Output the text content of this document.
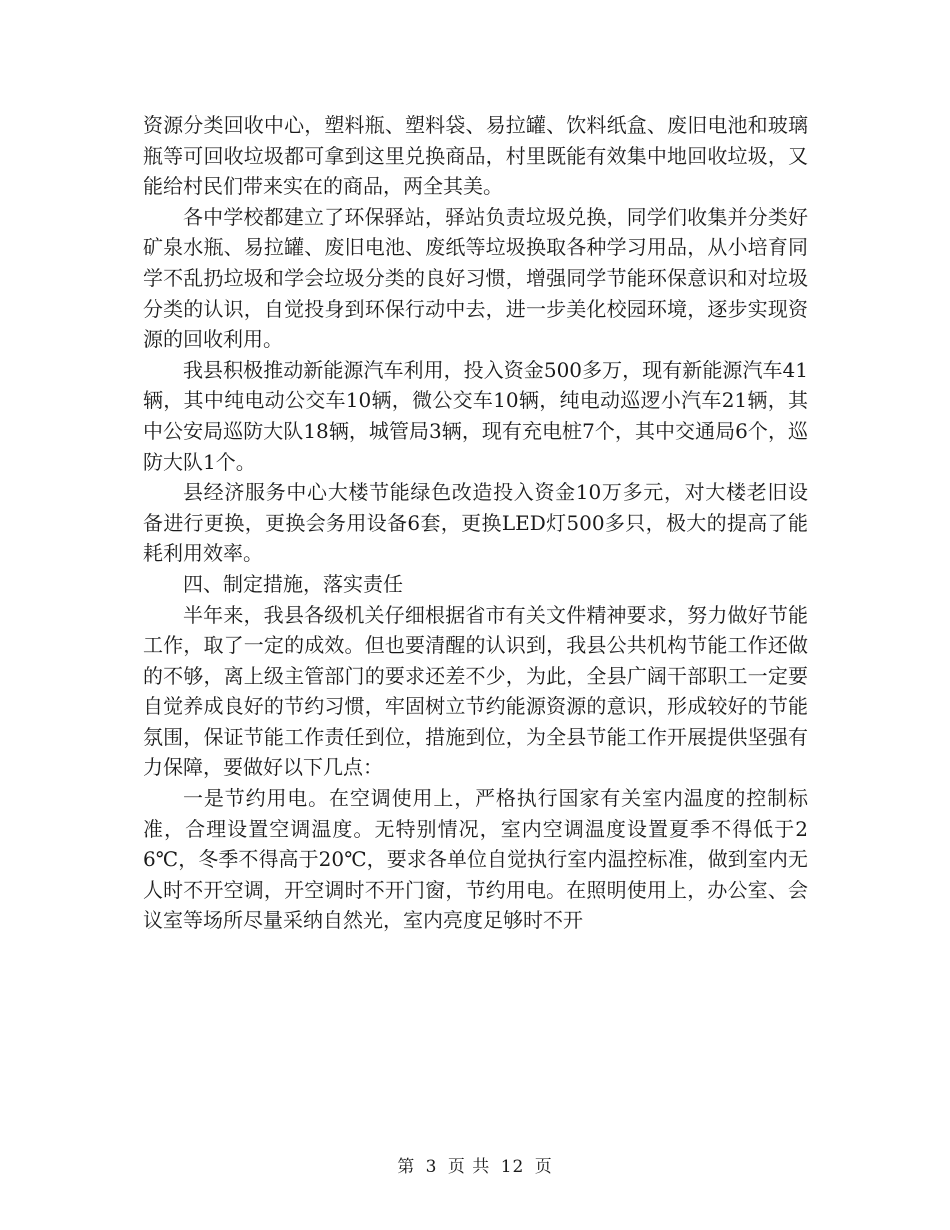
资源分类回收中心，塑料瓶、塑料袋、易拉罐、饮料纸盒、废旧电池和玻璃瓶等可回收垃圾都可拿到这里兑换商品，村里既能有效集中地回收垃圾，又能给村民们带来实在的商品，两全其美。

各中学校都建立了环保驿站，驿站负责垃圾兑换，同学们收集并分类好矿泉水瓶、易拉罐、废旧电池、废纸等垃圾换取各种学习用品，从小培育同学不乱扔垃圾和学会垃圾分类的良好习惯，增强同学节能环保意识和对垃圾分类的认识，自觉投身到环保行动中去，进一步美化校园环境，逐步实现资源的回收利用。

我县积极推动新能源汽车利用，投入资金500多万，现有新能源汽车41辆，其中纯电动公交车10辆，微公交车10辆，纯电动巡逻小汽车21辆，其中公安局巡防大队18辆，城管局3辆，现有充电桩7个，其中交通局6个，巡防大队1个。

县经济服务中心大楼节能绿色改造投入资金10万多元，对大楼老旧设备进行更换，更换会务用设备6套，更换LED灯500多只，极大的提高了能耗利用效率。

四、制定措施，落实责任

半年来，我县各级机关仔细根据省市有关文件精神要求，努力做好节能工作，取了一定的成效。但也要清醒的认识到，我县公共机构节能工作还做的不够，离上级主管部门的要求还差不少，为此，全县广阔干部职工一定要自觉养成良好的节约习惯，牢固树立节约能源资源的意识，形成较好的节能氛围，保证节能工作责任到位，措施到位，为全县节能工作开展提供坚强有力保障，要做好以下几点：

一是节约用电。在空调使用上，严格执行国家有关室内温度的控制标准，合理设置空调温度。无特别情况，室内空调温度设置夏季不得低于26℃，冬季不得高于20℃，要求各单位自觉执行室内温控标准，做到室内无人时不开空调，开空调时不开门窗，节约用电。在照明使用上，办公室、会议室等场所尽量采纳自然光，室内亮度足够时不开

第 3 页 共 12 页
